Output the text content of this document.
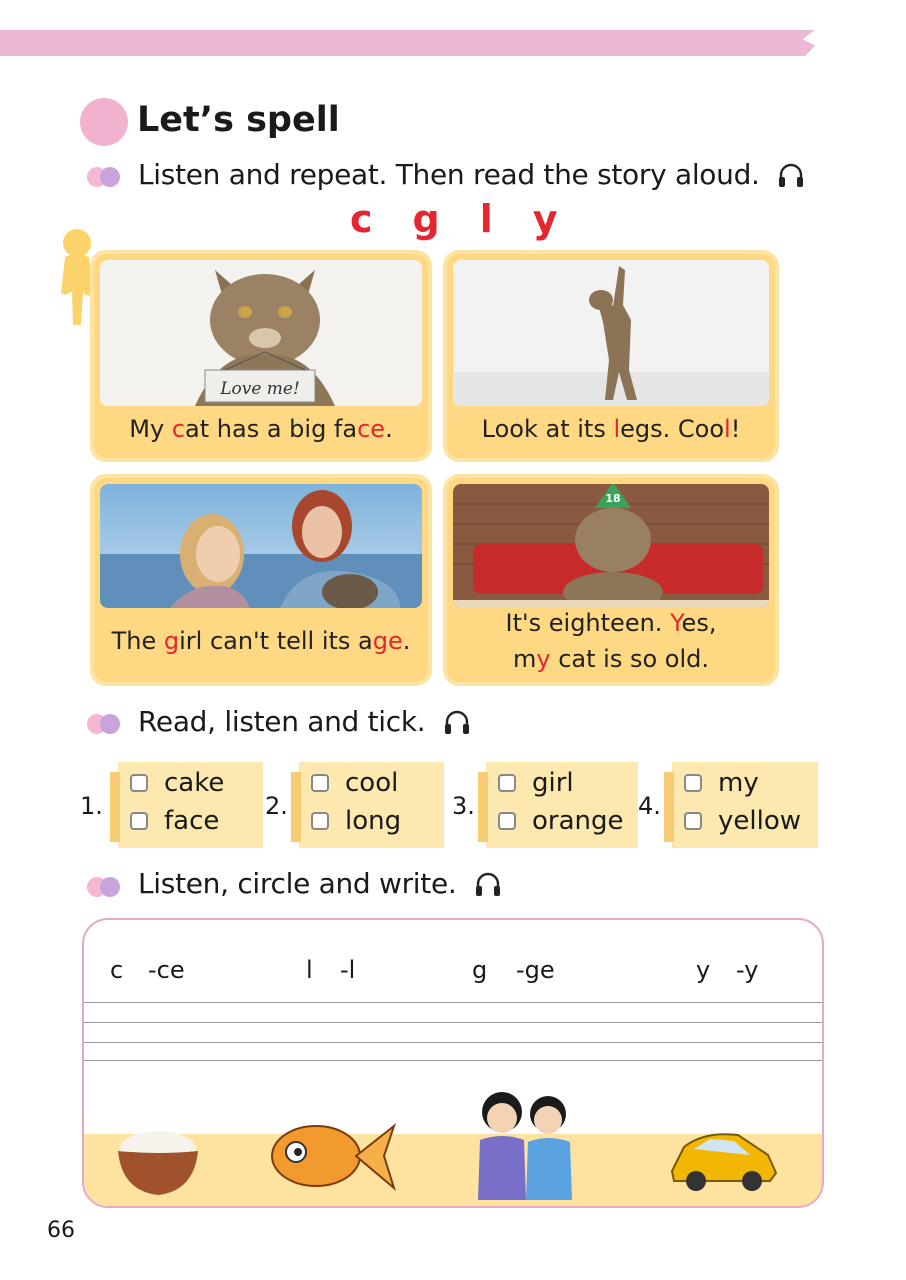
Let’s spell
Listen and repeat. Then read the story aloud.
c g l y
Love me!
My cat has a big face.	Look at its legs. Cool!
The girl can't tell its age.
18
It's eighteen. Yes,
my cat is so old.
Read, listen and tick.
1.
cake
face 2.
cool
long 3.
girl
orange 4.
my
yellow
Listen, circle and write.
c -ce	l -l	g -ge	y -y
66
